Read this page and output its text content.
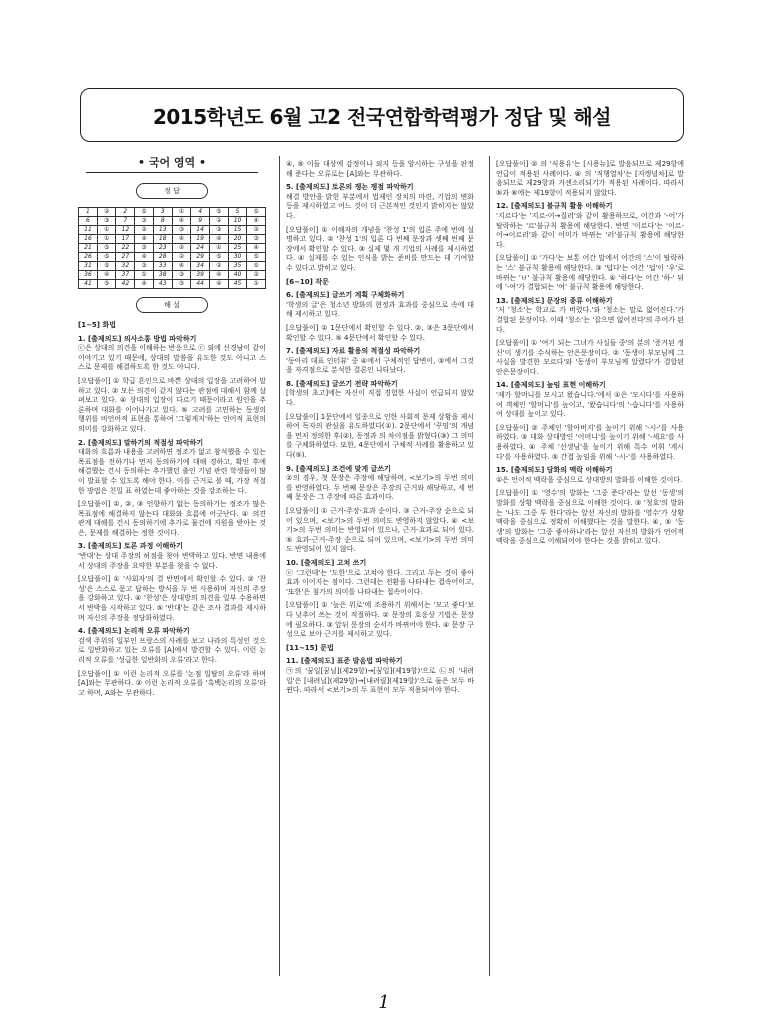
2015학년도 6월 고2 전국연합학력평가 정답 및 해설
• 국어 영역 •
정 답
1	②	2	⑤	3	①	4	⑤	5	⑤
6	③	7	③	8	④	9	②	10	④
11	①	12	②	13	③	14	③	15	②
16	①	17	④	18	④	19	④	20	③
21	⑤	22	③	23	②	24	①	25	④
26	⑤	27	④	28	②	29	⑤	30	⑤
31	⑤	32	③	33	④	34	②	35	⑤
36	④	37	①	38	③	39	④	40	②
41	⑤	42	④	43	③	44	④	45	①
해 설
[1~5] 화법
1. [출제의도] 의사소통 방법 파악하기
ⓒ은 상대의 의견을 이해하는 반응으로 ⓒ 외에 신경남이 같이 이야기고 있기 때문에, 상대의 말씀을 유도한 것도 아니고 스스로 문제를 해결하도록 한 것도 아니다.
[오답풀이] ① 학급 흔인으로 바쁜 상대의 입장을 고려하여 말하고 있다. ② 모든 의견이 같지 않다는 관점에 대해서 함께 살펴보고 있다. ④ 상대의 입장이 다르기 때문이라고 원인을 추론하며 대화를 이어나가고 있다. ⑤ 고려를 고민하는 동생의 행위를 비언어적 표현을 통하여 '그렇게지'하는 언어적 표현의 의미를 강화하고 있다.
2. [출제의도] 말하기의 적절성 파악하기
대화의 흐름과 내용을 고려하면 정조가 없고 참석했을 수 있는 목표점을 전하기나 먼저 동의하기에 대해 경하고, 확인 후에 해결했는 건시 동의하는 추가했던 출인 기념 관련 학생들이 많이 발표할 수 있도록 해야 한다. 이를 근거로 볼 때, 가장 적절한 방법은 친밀 표 하였는데 좋아하는 것을 강조하는 다.
[오답풀이] ①, ②, ③ 언향하기 없는 동의하기는 정조가 많은 목표점에 해결하지 않는다 대화와 흐름에 어긋난다. ④ 의견 관계 대해를 건시 동의하기에 추가로 물건에 지원을 받아는 것은, 문제를 해결하는 정한 것이다.
3. [출제의도] 토론 과정 이해하기
'반대'는 상대 주장의 허점을 찾아 반박하고 있다. 반면 내용에서 상대의 주장을 요약한 부분을 찾을 수 없다.
[오답풀이] ① '사회자'의 결 반면에서 확인할 수 있다. ② '찬성'은 스스로 묻고 답하는 방식을 두 번 사용하며 자신의 주장을 강화하고 있다. ④ '찬성'은 상대방의 의견을 일부 수용하면서 반박을 시작하고 있다. ⑤ '반대'는 같은 조사 결과를 제시하며 자신의 주장을 정당화하였다.
4. [출제의도] 논리적 오류 파악하기
검색 주위의 일부인 프랑스의 사례를 보고 나라의 특성인 것으로 일반화하고 있는 오류를 [A]에서 발견할 수 있다. 이런 논리적 오류를 '성급한 일반화의 오류'라고 한다.
[오답풀이] ① 이런 논리적 오류를 '논점 일탈의 오류'라 하며 [A]와는 무관하다. ② 이런 논리적 오류를 '흑백논리의 오류'라고 하며, A와는 무관하다.
④, ⑤ 이들 대상에 감정이나 외지 등을 암시하는 구성을 판정 해 준다는 오류로는 [A]와는 무관하다.
5. [출제의도] 토론의 쟁논 쟁점 파악하기
해결 방안을 밝힌 부분에서 법제인 장치의 마련, 기업의 변화 등을 제시하였고 어느 것이 더 근본적인 것인지 밝히지는 않았다.
[오답풀이] ① 이해자의 개념을 '찬성 1'의 입론 주에 번에 설명하고 있다. ② '찬성 1'의 입론 다 번째 문장과 셋째 번째 문장에서 확인할 수 있다. ③ 실제 몇 개 기업의 사례를 제시하였다. ④ 실제를 수 있는 인식을 밝는 준비를 만드는 데 기여할 수 있다고 밝히고 있다.
[6~10] 작문
6. [출제의도] 글쓰기 계획 구체화하기
'학생의 글'은 청소년 방화의 현정과 효과를 중심으로 속에 대해 제시하고 있다.
[오답풀이] ① 1문단에서 확인할 수 있다. ②, ③은 3문단에서 확인할 수 있다. ⑤ 4문단에서 확인할 수 있다.
7. [출제의도] 자료 활용의 적절성 파악하기
'동아리 대표 인터뷰' 중 ④에서 구체적인 답변이, ③에서 그것을 자격점으로 분석한 결론인 나타났다.
8. [출제의도] 글쓰기 전략 파악하기
[학생의 초고]에는 자신이 직접 경험한 사실이 언급되지 않았다.
[오답풀이] 1문단에서 일종으로 인한 사회적 문제 상황을 제시하여 독자의 관심을 유도하였다(①). 2문단에서 '꾸밈'의 개념을 먼저 정의한 후(②), 동정과 의 차이점을 밝혔다(③) 그 의미를 구체화하였다. 또한, 4문단에서 구체적 사례를 활용하고 있다(⑤).
9. [출제의도] 조건에 맞게 글쓰기
②의 경우, 첫 문장은 주장에 해당하며, <보기>의 두번 의미를 반영하였다. 두 번째 문장은 주장의 근거와 해당하고, 세 번째 문장은 그 주장에 따른 효과이다.
[오답풀이] ① 근거-주장-효과 순이다. ③ 근거-주장 순으로 되어 있으며, <보기>의 두번 의미도 반영하지 않았다. ④ <보기>의 두번 의미는 반영되어 있으나, 근거-효과로 되어 있다. ⑤ 효과-근거-주장 순으로 되어 있으며, <보기>의 두번 의미도 반영되어 있지 않다.
10. [출제의도] 고쳐 쓰기
ⓔ '그런데'는 '도한'으로 고쳐야 한다. 그리고 두는 것이 좋아 효과 이어지는 점이다. 그런데는 전환을 나타내는 접속어이고, '또한'은 첨가의 의미를 나타내는 접속어이다.
[오답풀이] ① '높은 위로'에 조용하기 위해서는 '모고 좋다'보다 낮추어 쓰는 것이 적절하다. ② 문장의 호응상 기법은 문장에 필요하다. ③ 앞뒤 문장의 순서가 바뀌어야 한다. ④ 문장 구성으로 보아 근거를 제시하고 있다.
[11~15] 문법
11. [출제의도] 표준 발음법 파악하기
㉠의 '꿈일[꿈닐](제29항)→[꿈일](제19항)'으로 ㉡의 '내려일'은 [내려닐](제29항)→[내려릴](제19항)'으로 둘은 모두 바뀐다. 따라서 <보기>의 두 표현이 모두 적용되어야 한다.
[오답풀이] ② 의 '식용유'는 [시용뉴]로 발음되므로 제29항에 언급이 적용된 사례이다. ④ 의 '직행열차'는 [지캥녈차]로 발음되므로 제29항과 거센소리되기가 적용된 사례이다. 따라서 ⑤과 ⑥에는 제19항이 적용되지 않았다.
12. [출제의도] 불규칙 활용 이해하기
'지르다'는 '지르-어→질러'와 같이 활용하므로, 어간과 '-어'가 탈락하는 '르'불규칙 활용에 해당한다. 반면 '이르다'는 '이르-어→이르러'와 같이 어미가 바뀌는 '러'불규칙 활용에 해당한다.
[오답풀이] ① '가다'는 보통 어간 말에서 어간의 '스'이 탈락하는 '스' 불규칙 활용에 해당한다. ③ '덥다'는 어간 '덥'이 '우'로 바뀌는 'ㅂ' 불규칙 활용에 해당한다. ④ '하다'는 어간 '하-' 뒤에 '-여'가 결합되는 '여' 불규칙 활용에 해당한다.
13. [출제의도] 문장의 종류 이해하기
'저 '청소'는 학교로 가 버렸다.'와 '청소는 말로 없어진다.'가 결합된 문장이다. 이때 '청소'는 '잡으면 없어진다'의 주어가 된다.
[오답풀이] ① '여기 되는 그녀가 사실들 중'의 분의 '증거된 정신'이 생기를 수식하는 안은문장이다. ② '동생이 부모님께 그 사실을 발견한 모르다'와 '동생이 부모님께 알렸다'가 결합된 안은문장이다.
14. [출제의도] 높임 표현 이해하기
'제가 할머니를 모시고 왔습니다.'에서 ①은 '모시다'를 사용하여 객체인 '할머니'를 높이고, '왔습니다'의 '-습니다'를 사용하여 상대를 높이고 있다.
[오답풀이] ② 주체인 '할아버지'를 높이기 위해 '-시-'를 사용하였다. ③ 대화 상대방인 '어머니'를 높이기 위해 '-세요'를 사용하였다. ④ 주체 '선생님'을 높이기 위해 특수 어휘 '계시다'를 사용하였다. ⑤ 간접 높임을 위해 '-시-'를 사용하였다.
15. [출제의도] 담화의 맥락 이해하기
①은 언어적 맥락을 중심으로 상대방의 발화를 이해한 것이다.
[오답풀이] ① '영수'의 발화는 '그중 준다'라는 앞선 '동생'의 발화를 상황 맥락을 중심으로 이해한 것이다. ③ '청호'의 발화는 '나도 그중 투 한다'라는 앞선 자신의 발화를 '영수'가 상황 맥락을 중심으로 정확히 이해했다는 것을 말한다. ④, ⑤ '동생'의 발화는 '그중 좋아하나'라는 앞선 자신의 발화가 언어적 맥락을 중심으로 이해되어야 한다는 것을 밝히고 있다.
1
